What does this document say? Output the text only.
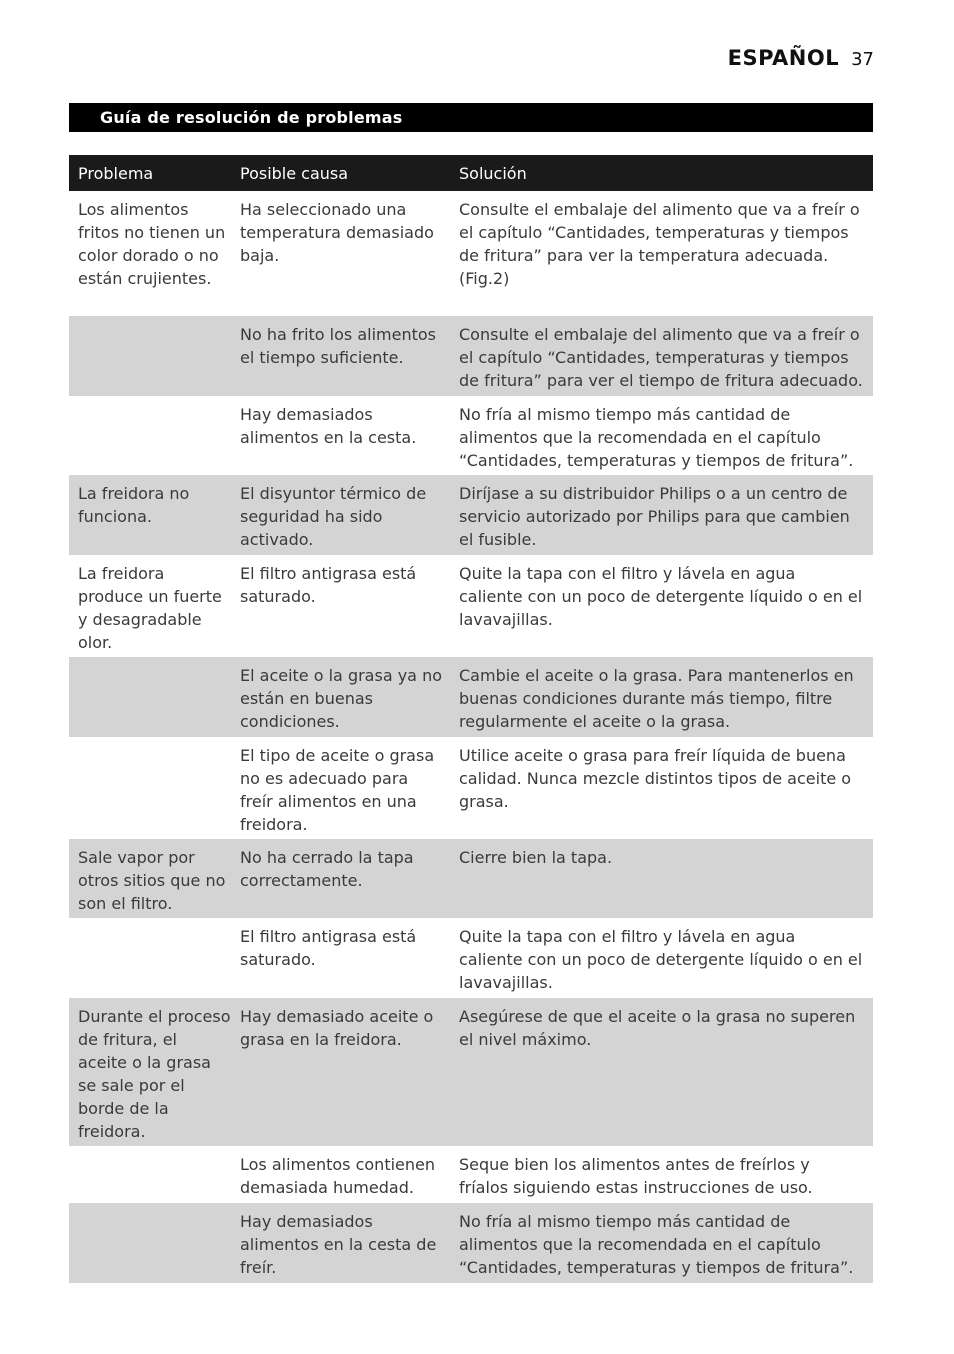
ESPAÑOL 37
Guía de resolución de problemas
Problema	Posible causa	Solución
Los alimentos fritos no tienen un color dorado o no están crujientes.
Ha seleccionado una temperatura demasiado baja.
Consulte el embalaje del alimento que va a freír o el capítulo “Cantidades, temperaturas y tiempos de fritura” para ver la temperatura adecuada. (Fig.2)
No ha frito los alimentos el tiempo suficiente.
Consulte el embalaje del alimento que va a freír o el capítulo “Cantidades, temperaturas y tiempos de fritura” para ver el tiempo de fritura adecuado.
Hay demasiados alimentos en la cesta.
No fría al mismo tiempo más cantidad de alimentos que la recomendada en el capítulo “Cantidades, temperaturas y tiempos de fritura”.
La freidora no funciona.
El disyuntor térmico de seguridad ha sido activado.
Diríjase a su distribuidor Philips o a un centro de servicio autorizado por Philips para que cambien el fusible.
La freidora produce un fuerte y desagradable olor.
El filtro antigrasa está saturado.
Quite la tapa con el filtro y lávela en agua caliente con un poco de detergente líquido o en el lavavajillas.
El aceite o la grasa ya no están en buenas condiciones.
Cambie el aceite o la grasa. Para mantenerlos en buenas condiciones durante más tiempo, filtre regularmente el aceite o la grasa.
El tipo de aceite o grasa no es adecuado para freír alimentos en una freidora.
Utilice aceite o grasa para freír líquida de buena calidad. Nunca mezcle distintos tipos de aceite o grasa.
Sale vapor por otros sitios que no son el filtro.
No ha cerrado la tapa correctamente.
Cierre bien la tapa.
El filtro antigrasa está saturado.
Quite la tapa con el filtro y lávela en agua caliente con un poco de detergente líquido o en el lavavajillas.
Durante el proceso de fritura, el aceite o la grasa se sale por el borde de la freidora.
Hay demasiado aceite o grasa en la freidora.
Asegúrese de que el aceite o la grasa no superen el nivel máximo.
Los alimentos contienen demasiada humedad.
Seque bien los alimentos antes de freírlos y fríalos siguiendo estas instrucciones de uso.
Hay demasiados alimentos en la cesta de freír.
No fría al mismo tiempo más cantidad de alimentos que la recomendada en el capítulo “Cantidades, temperaturas y tiempos de fritura”.
